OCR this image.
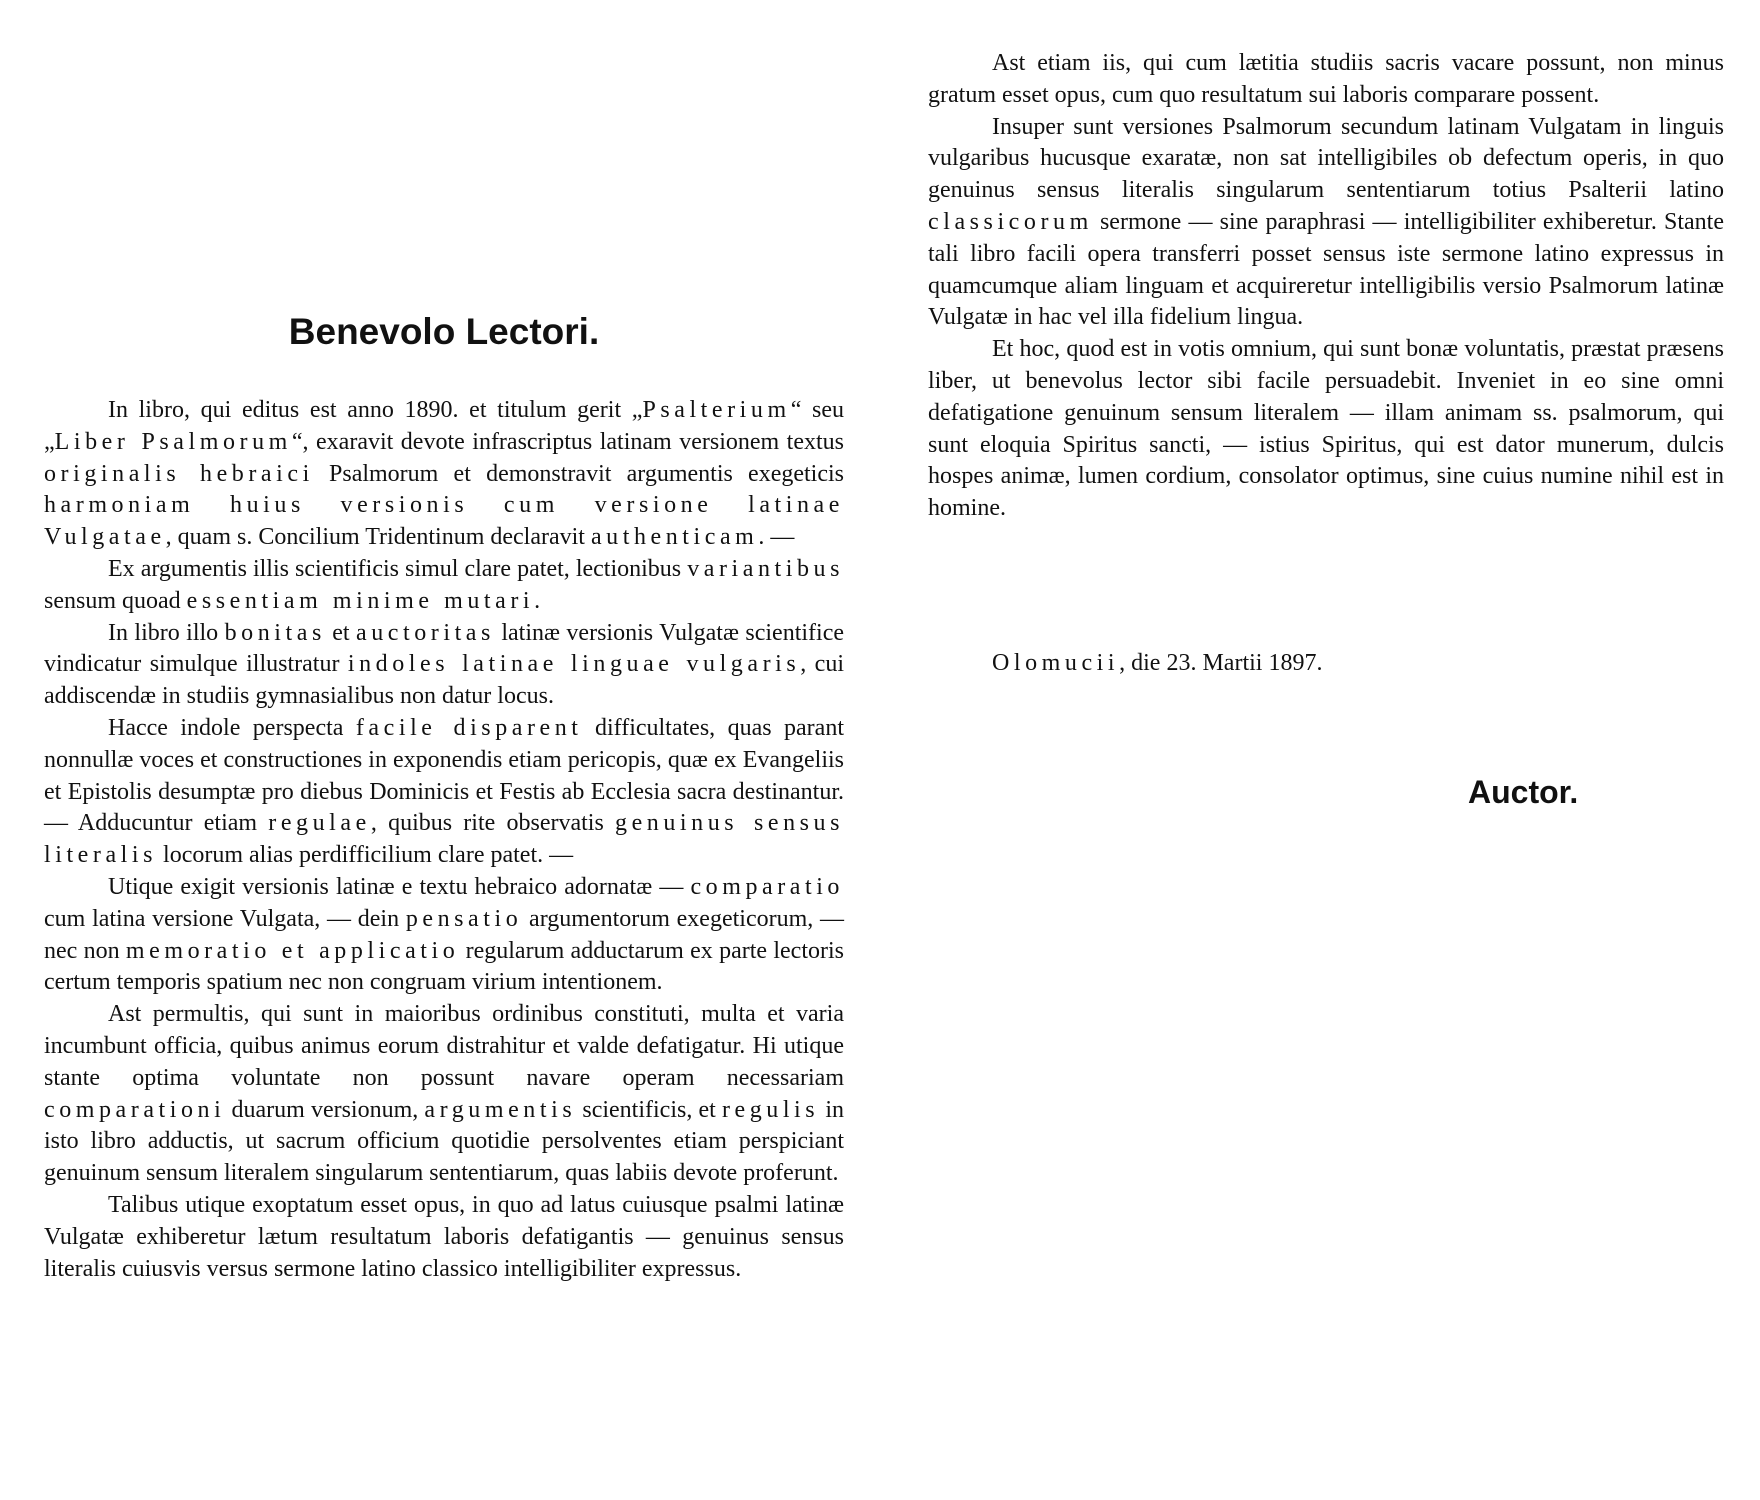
Benevolo Lectori.

In libro, qui editus est anno 1890. et titulum gerit „Psalterium“ seu „Liber Psalmorum“, exaravit devote infrascriptus latinam versionem textus originalis hebraici Psalmorum et demonstravit argumentis exegeticis harmoniam huius versionis cum versione latinae Vulgatae, quam s. Concilium Tridentinum declaravit authenticam. —

Ex argumentis illis scientificis simul clare patet, lectionibus variantibus sensum quoad essentiam minime mutari.

In libro illo bonitas et auctoritas latinæ versionis Vulgatæ scientifice vindicatur simulque illustratur indoles latinae linguae vulgaris, cui addiscendæ in studiis gymnasialibus non datur locus.

Hacce indole perspecta facile disparent difficultates, quas parant nonnullæ voces et constructiones in exponendis etiam pericopis, quæ ex Evangeliis et Epistolis desumptæ pro diebus Dominicis et Festis ab Ecclesia sacra destinantur. — Adducuntur etiam regulae, quibus rite observatis genuinus sensus literalis locorum alias perdifficilium clare patet. —

Utique exigit versionis latinæ e textu hebraico adornatæ — comparatio cum latina versione Vulgata, — dein pensatio argumentorum exegeticorum, — nec non memoratio et applicatio regularum adductarum ex parte lectoris certum temporis spatium nec non congruam virium intentionem.

Ast permultis, qui sunt in maioribus ordinibus constituti, multa et varia incumbunt officia, quibus animus eorum distrahitur et valde defatigatur. Hi utique stante optima voluntate non possunt navare operam necessariam comparationi duarum versionum, argumentis scientificis, et regulis in isto libro adductis, ut sacrum officium quotidie persolventes etiam perspiciant genuinum sensum literalem singularum sententiarum, quas labiis devote proferunt.

Talibus utique exoptatum esset opus, in quo ad latus cuiusque psalmi latinæ Vulgatæ exhiberetur lætum resultatum laboris defatigantis — genuinus sensus literalis cuiusvis versus sermone latino classico intelligibiliter expressus.

Ast etiam iis, qui cum lætitia studiis sacris vacare possunt, non minus gratum esset opus, cum quo resultatum sui laboris comparare possent.

Insuper sunt versiones Psalmorum secundum latinam Vulgatam in linguis vulgaribus hucusque exaratæ, non sat intelligibiles ob defectum operis, in quo genuinus sensus literalis singularum sententiarum totius Psalterii latino classicorum sermone — sine paraphrasi — intelligibiliter exhiberetur. Stante tali libro facili opera transferri posset sensus iste sermone latino expressus in quamcumque aliam linguam et acquireretur intelligibilis versio Psalmorum latinæ Vulgatæ in hac vel illa fidelium lingua.

Et hoc, quod est in votis omnium, qui sunt bonæ voluntatis, præstat præsens liber, ut benevolus lector sibi facile persuadebit. Inveniet in eo sine omni defatigatione genuinum sensum literalem — illam animam ss. psalmorum, qui sunt eloquia Spiritus sancti, — istius Spiritus, qui est dator munerum, dulcis hospes animæ, lumen cordium, consolator optimus, sine cuius numine nihil est in homine.

Olomucii, die 23. Martii 1897.

Auctor.
